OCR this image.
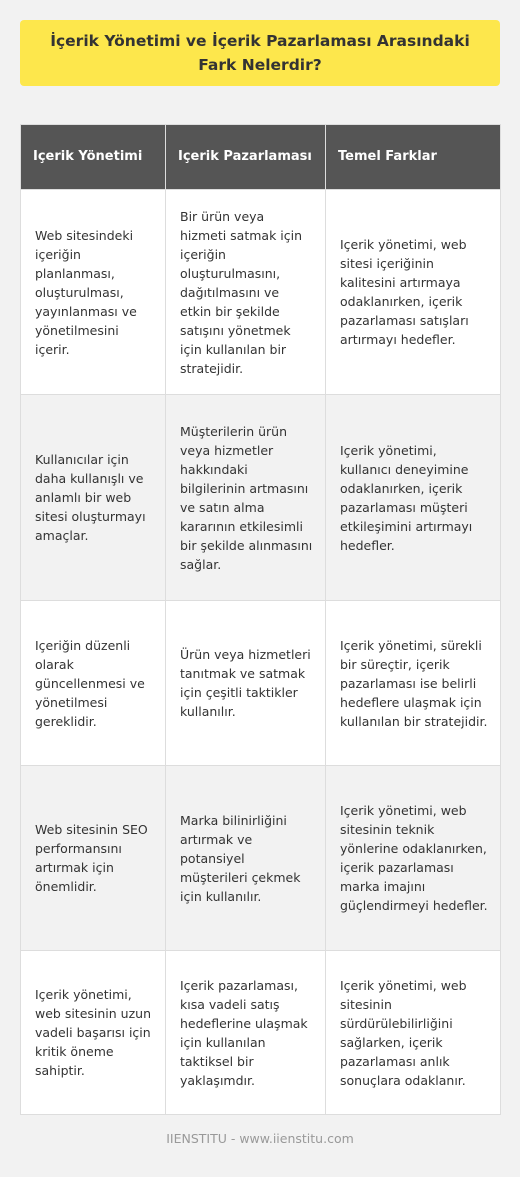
İçerik Yönetimi ve İçerik Pazarlaması Arasındaki Fark Nelerdir?
Içerik Yönetimi	Içerik Pazarlaması	Temel Farklar
Web sitesindeki içeriğin planlanması, oluşturulması, yayınlanması ve yönetilmesini içerir.	Bir ürün veya hizmeti satmak için içeriğin oluşturulmasını, dağıtılmasını ve etkin bir şekilde satışını yönetmek için kullanılan bir stratejidir.	Içerik yönetimi, web sitesi içeriğinin kalitesini artırmaya odaklanırken, içerik pazarlaması satışları artırmayı hedefler.
Kullanıcılar için daha kullanışlı ve anlamlı bir web sitesi oluşturmayı amaçlar.	Müşterilerin ürün veya hizmetler hakkındaki bilgilerinin artmasını ve satın alma kararının etkilesimli bir şekilde alınmasını sağlar.	Içerik yönetimi, kullanıcı deneyimine odaklanırken, içerik pazarlaması müşteri etkileşimini artırmayı hedefler.
Içeriğin düzenli olarak güncellenmesi ve yönetilmesi gereklidir.	Ürün veya hizmetleri tanıtmak ve satmak için çeşitli taktikler kullanılır.	Içerik yönetimi, sürekli bir süreçtir, içerik pazarlaması ise belirli hedeflere ulaşmak için kullanılan bir stratejidir.
Web sitesinin SEO performansını artırmak için önemlidir.	Marka bilinirliğini artırmak ve potansiyel müşterileri çekmek için kullanılır.	Içerik yönetimi, web sitesinin teknik yönlerine odaklanırken, içerik pazarlaması marka imajını güçlendirmeyi hedefler.
Içerik yönetimi, web sitesinin uzun vadeli başarısı için kritik öneme sahiptir.	Içerik pazarlaması, kısa vadeli satış hedeflerine ulaşmak için kullanılan taktiksel bir yaklaşımdır.	Içerik yönetimi, web sitesinin sürdürülebilirliğini sağlarken, içerik pazarlaması anlık sonuçlara odaklanır.
IIENSTITU - www.iienstitu.com
